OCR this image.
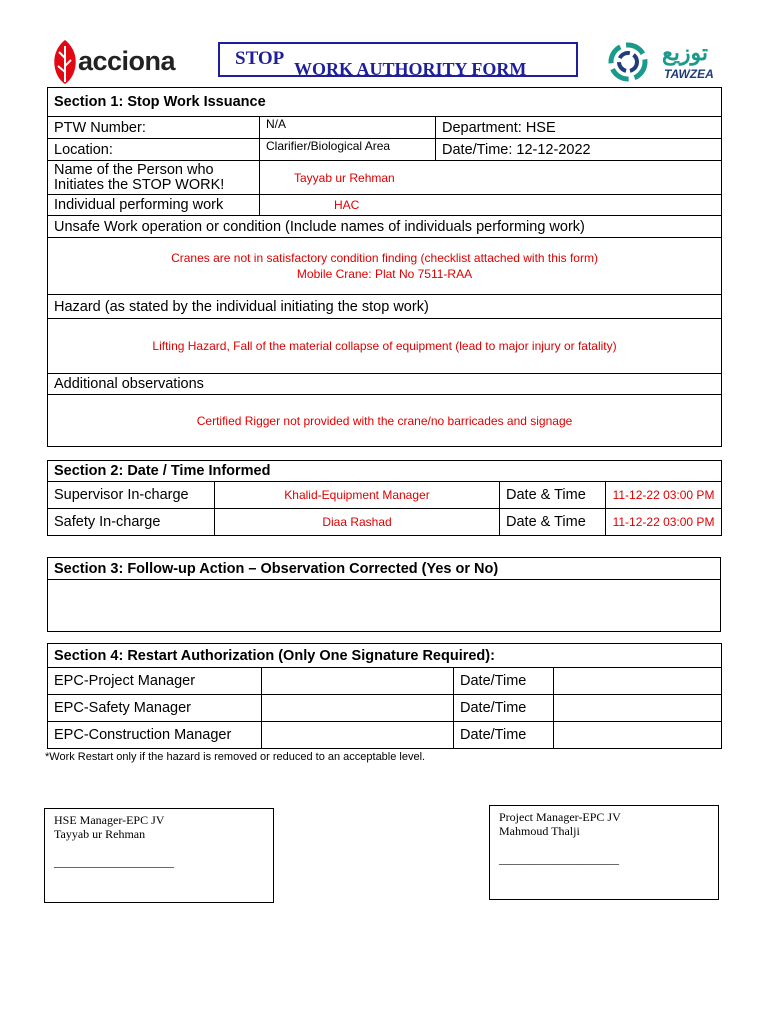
acciona	STOP WORK AUTHORITY FORM
توزيع
TAWZEA
Section 1: Stop Work Issuance		
PTW Number:	N/A	Department: HSE
Location:	Clarifier/Biological Area	Date/Time: 12-12-2022

Name of the Person who
Initiates the STOP WORK!	Tayyab ur Rehman	
Individual performing work	HAC	
Unsafe Work operation or condition (Include names of individuals performing work)		

Cranes are not in satisfactory condition finding (checklist attached with this form)
Mobile Crane: Plat No 7511-RAA		

Hazard (as stated by the individual initiating the stop work)		
Lifting Hazard, Fall of the material collapse of equipment (lead to major injury or fatality)		
Additional observations		
Certified Rigger not provided with the crane/no barricades and signage		
Section 2: Date / Time Informed			
Supervisor In-charge	Khalid-Equipment Manager	Date & Time	11-12-22 03:00 PM
Safety In-charge	Diaa Rashad	Date & Time	11-12-22 03:00 PM
Section 3: Follow-up Action – Observation Corrected (Yes or No)

Section 4: Restart Authorization (Only One Signature Required):			
EPC-Project Manager		Date/Time	
EPC-Safety Manager		Date/Time	
EPC-Construction Manager		Date/Time	
*Work Restart only if the hazard is removed or reduced to an acceptable level.
HSE Manager-EPC JV
Tayyab ur Rehman
____________________
Project Manager-EPC JV
Mahmoud Thalji
____________________
